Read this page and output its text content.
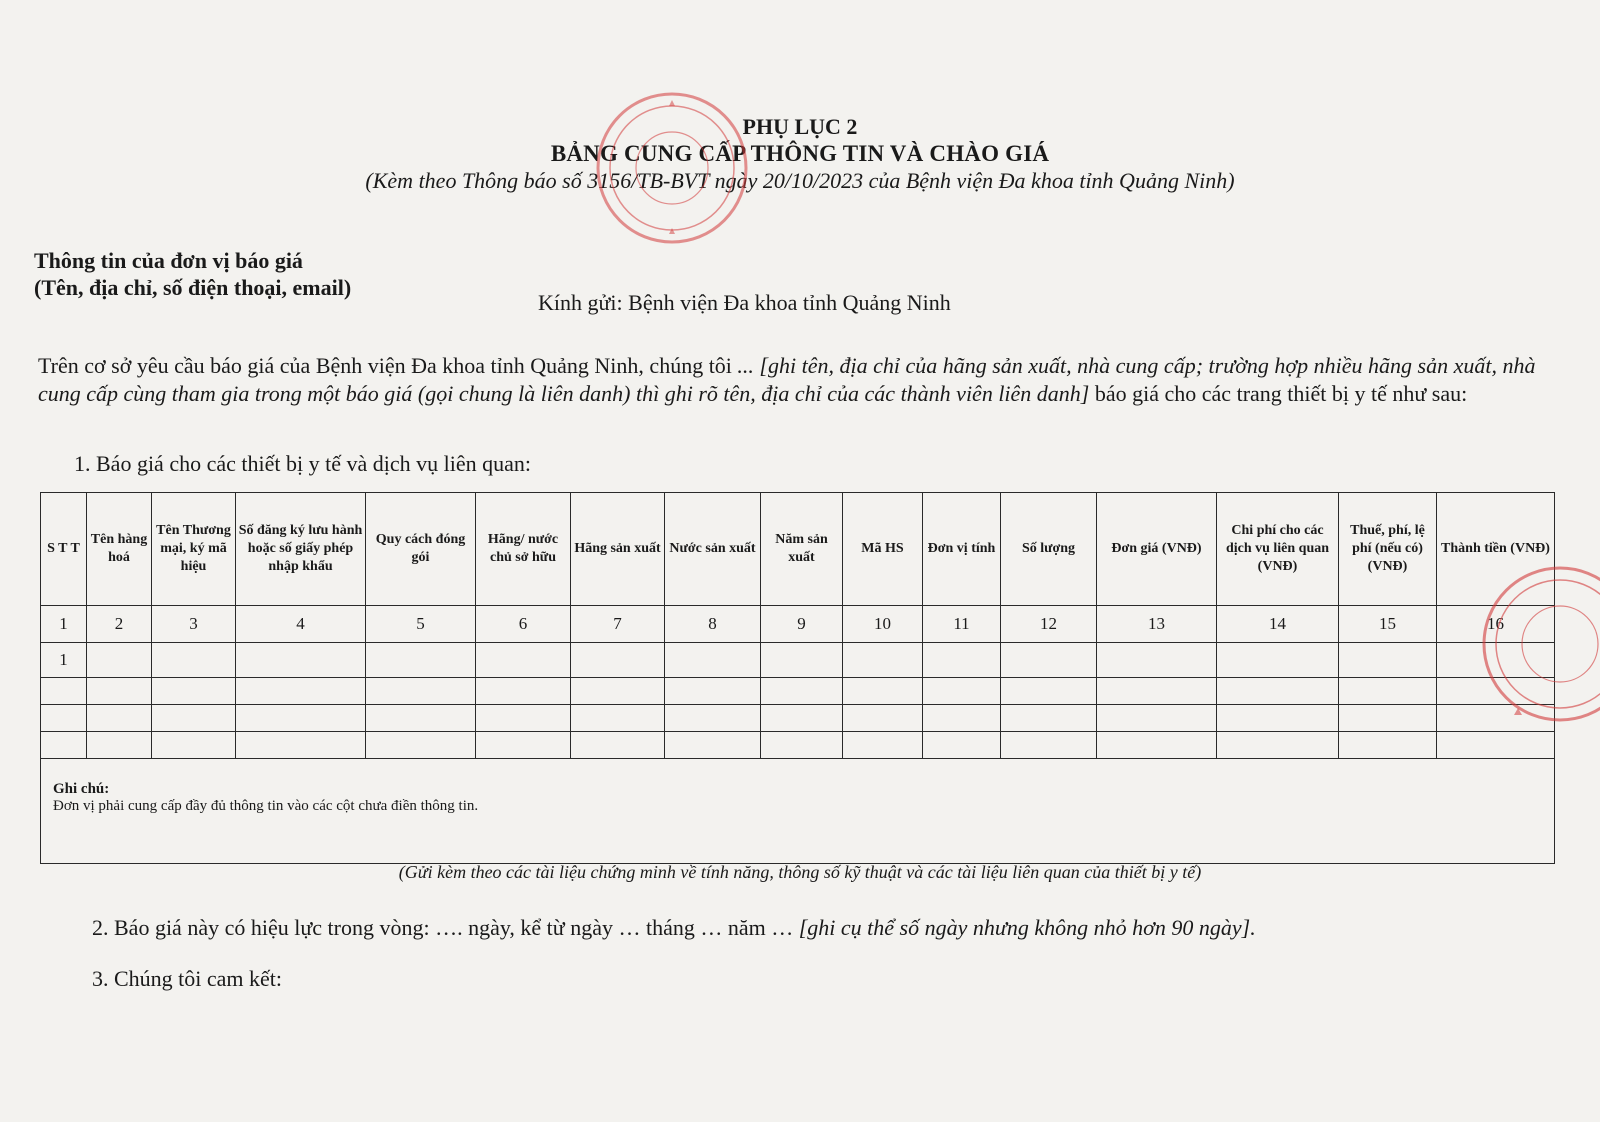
PHỤ LỤC 2
BẢNG CUNG CẤP THÔNG TIN VÀ CHÀO GIÁ
(Kèm theo Thông báo số 3156/TB-BVT ngày 20/10/2023 của Bệnh viện Đa khoa tỉnh Quảng Ninh)
Thông tin của đơn vị báo giá
(Tên, địa chỉ, số điện thoại, email)
Kính gửi: Bệnh viện Đa khoa tỉnh Quảng Ninh
Trên cơ sở yêu cầu báo giá của Bệnh viện Đa khoa tỉnh Quảng Ninh, chúng tôi ... [ghi tên, địa chỉ của hãng sản xuất, nhà cung cấp; trường hợp nhiều hãng sản xuất, nhà cung cấp cùng tham gia trong một báo giá (gọi chung là liên danh) thì ghi rõ tên, địa chỉ của các thành viên liên danh] báo giá cho các trang thiết bị y tế như sau:
1. Báo giá cho các thiết bị y tế và dịch vụ liên quan:
S T T	Tên hàng hoá	Tên Thương mại, ký mã hiệu	Số đăng ký lưu hành hoặc số giấy phép nhập khẩu	Quy cách đóng gói	Hãng/ nước chủ sở hữu	Hãng sản xuất	Nước sản xuất	Năm sản xuất	Mã HS	Đơn vị tính	Số lượng	Đơn giá (VNĐ)	Chi phí cho các dịch vụ liên quan (VNĐ)	Thuế, phí, lệ phí (nếu có) (VNĐ)	Thành tiền (VNĐ)
1	2	3	4	5	6	7	8	9	10	11	12	13	14	15	16
1															

Ghi chú:
Đơn vị phải cung cấp đầy đủ thông tin vào các cột chưa điền thông tin.															
(Gửi kèm theo các tài liệu chứng minh về tính năng, thông số kỹ thuật và các tài liệu liên quan của thiết bị y tế)
2. Báo giá này có hiệu lực trong vòng: …. ngày, kể từ ngày … tháng … năm … [ghi cụ thể số ngày nhưng không nhỏ hơn 90 ngày].
3. Chúng tôi cam kết:
